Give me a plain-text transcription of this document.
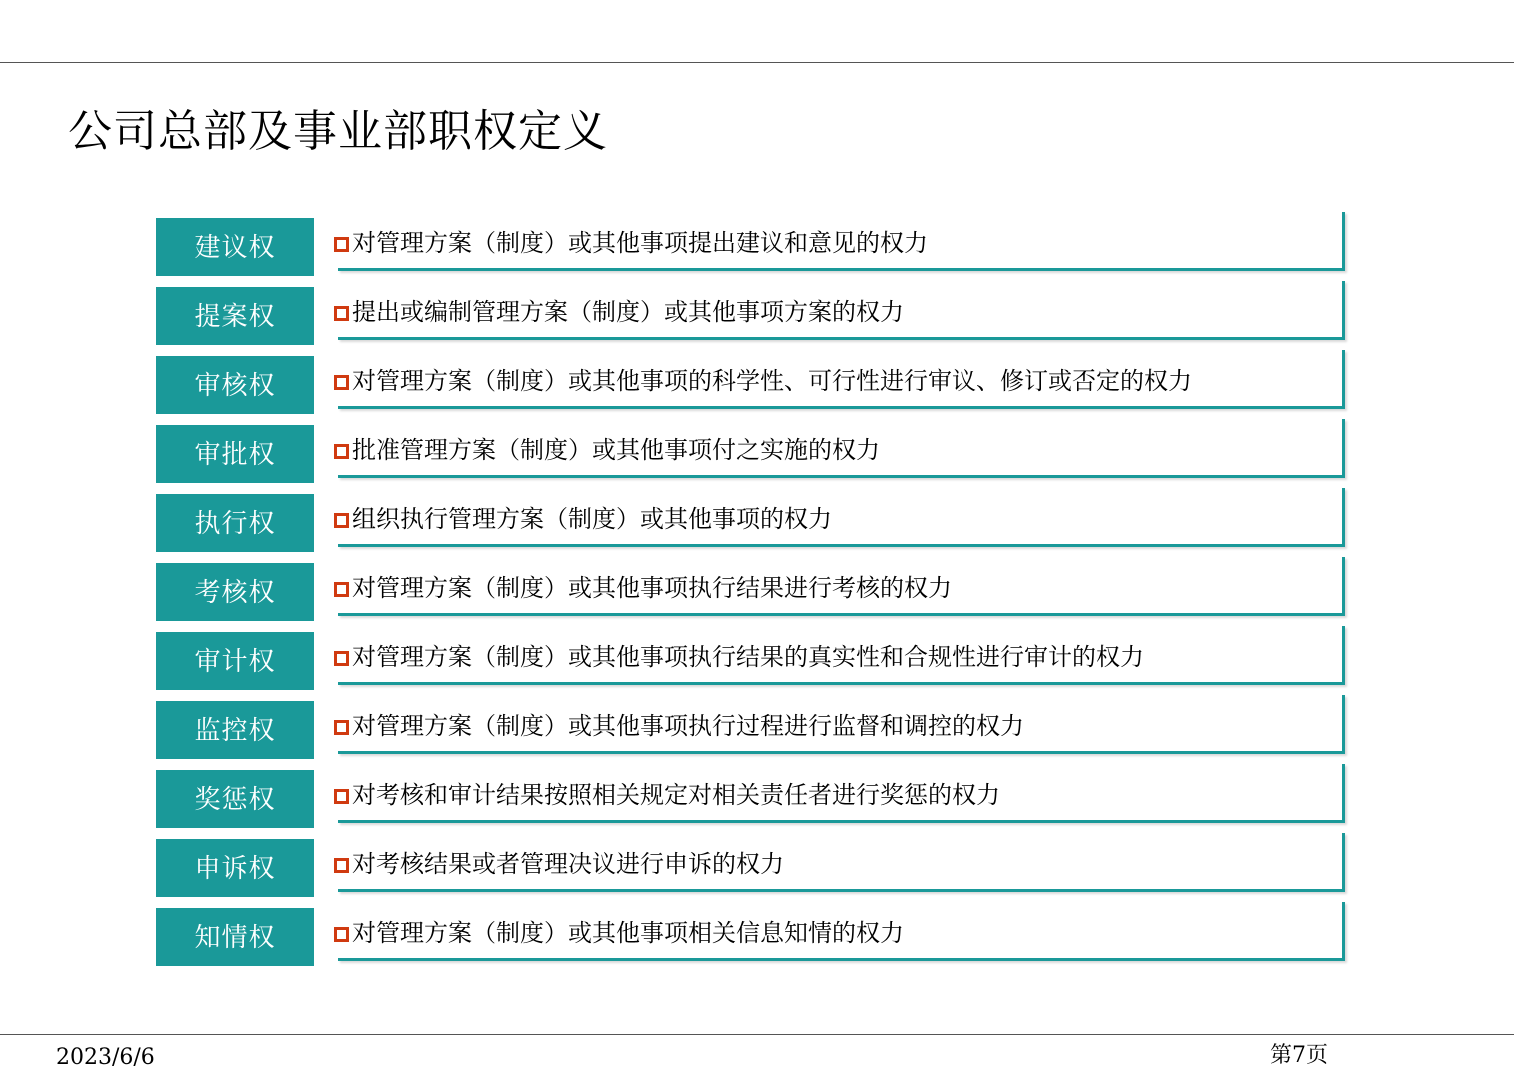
公司总部及事业部职权定义
建议权	对管理方案（制度）或其他事项提出建议和意见的权力
提案权	提出或编制管理方案（制度）或其他事项方案的权力
审核权	对管理方案（制度）或其他事项的科学性、可行性进行审议、修订或否定的权力
审批权	批准管理方案（制度）或其他事项付之实施的权力
执行权	组织执行管理方案（制度）或其他事项的权力
考核权	对管理方案（制度）或其他事项执行结果进行考核的权力
审计权	对管理方案（制度）或其他事项执行结果的真实性和合规性进行审计的权力
监控权	对管理方案（制度）或其他事项执行过程进行监督和调控的权力
奖惩权	对考核和审计结果按照相关规定对相关责任者进行奖惩的权力
申诉权	对考核结果或者管理决议进行申诉的权力
知情权	对管理方案（制度）或其他事项相关信息知情的权力
2023/6/6	第7页
